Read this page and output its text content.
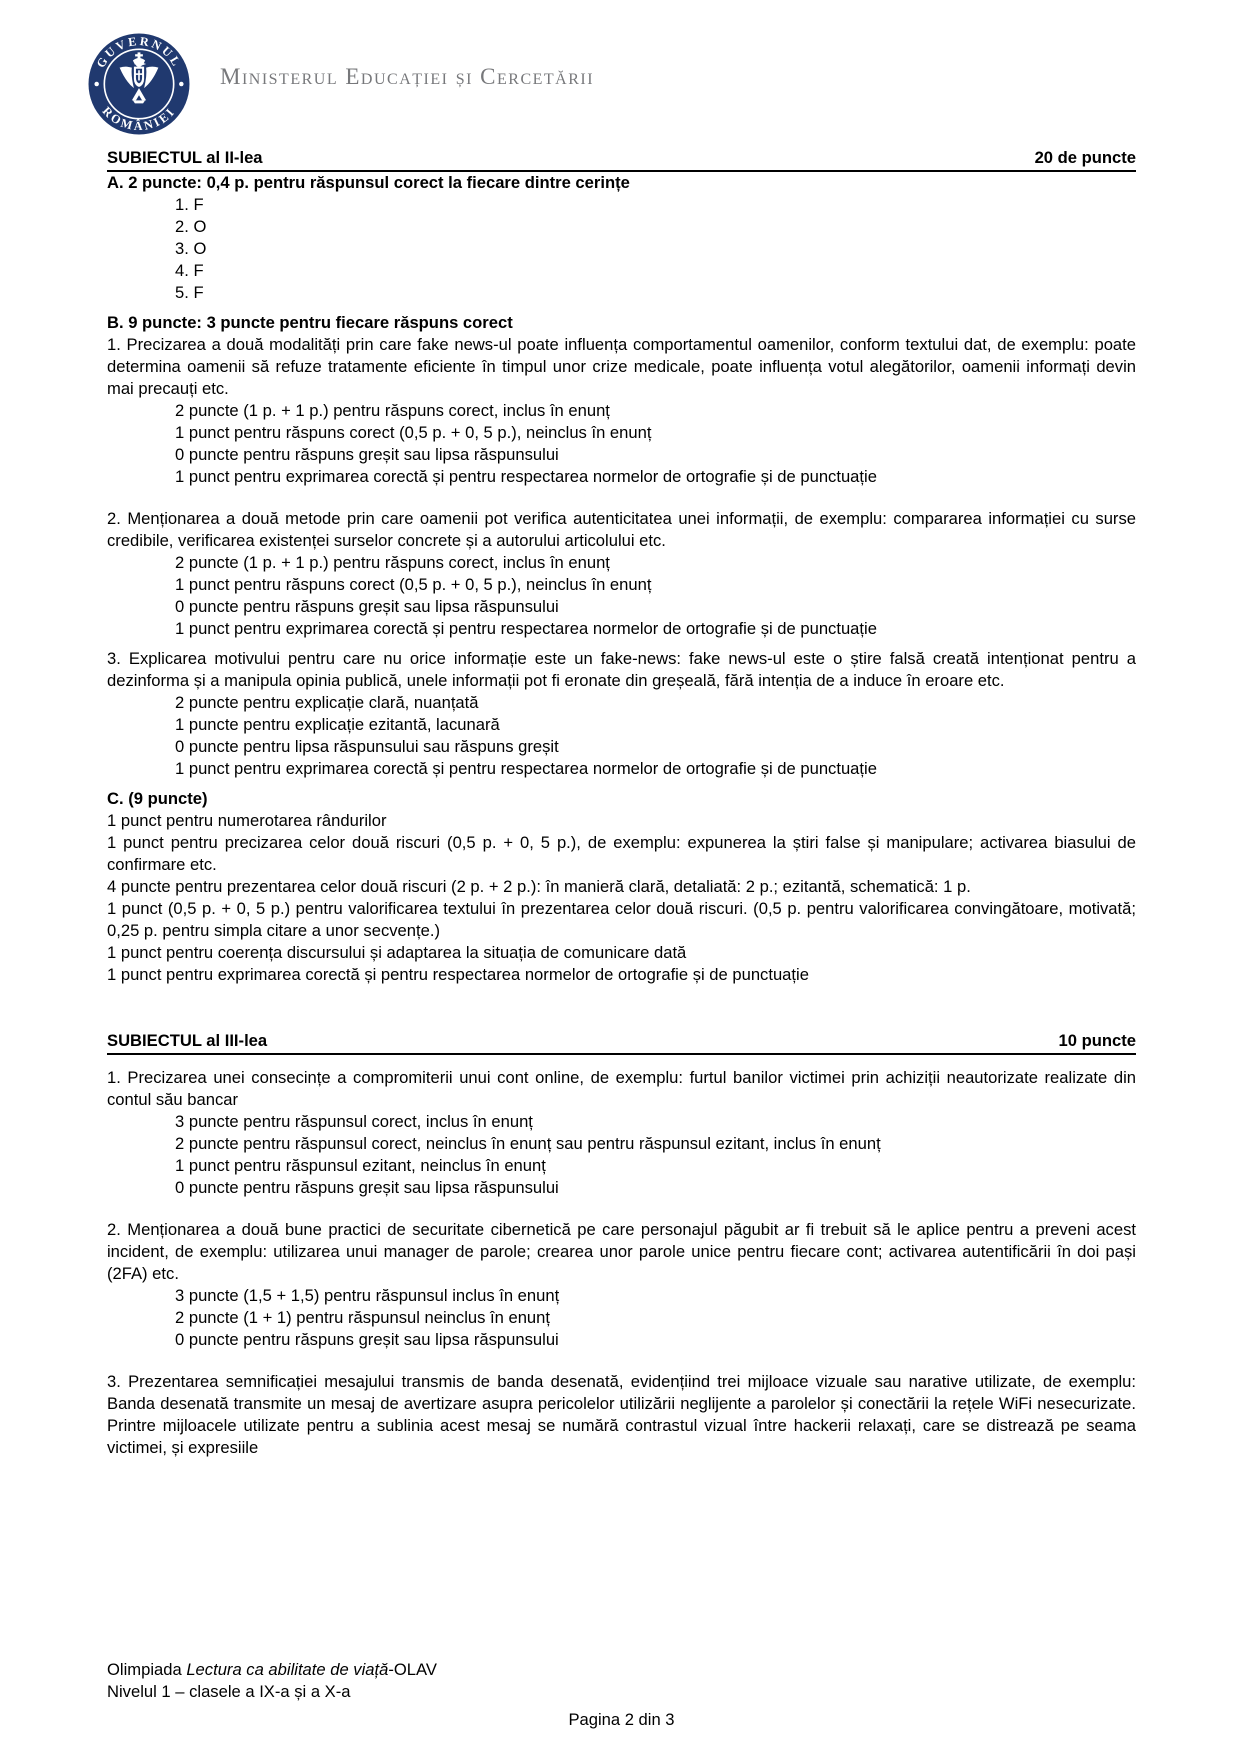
GUVERNUL
ROMÂNIEI
Ministerul Educației și Cercetării
SUBIECTUL al II-lea	20 de puncte
A. 2 puncte: 0,4 p. pentru răspunsul corect la fiecare dintre cerințe
1. F
2. O
3. O
4. F
5. F
B. 9 puncte: 3 puncte pentru fiecare răspuns corect
1. Precizarea a două modalități prin care fake news-ul poate influența comportamentul oamenilor, conform textului dat, de exemplu: poate determina oamenii să refuze tratamente eficiente în timpul unor crize medicale, poate influența votul alegătorilor, oamenii informați devin mai precauți etc.
2 puncte (1 p. + 1 p.) pentru răspuns corect, inclus în enunț
1 punct pentru răspuns corect (0,5 p. + 0, 5 p.), neinclus în enunț
0 puncte pentru răspuns greșit sau lipsa răspunsului
1 punct pentru exprimarea corectă și pentru respectarea normelor de ortografie și de punctuație
2. Menționarea a două metode prin care oamenii pot verifica autenticitatea unei informații, de exemplu: compararea informației cu surse credibile, verificarea existenței surselor concrete și a autorului articolului etc.
2 puncte (1 p. + 1 p.) pentru răspuns corect, inclus în enunț
1 punct pentru răspuns corect (0,5 p. + 0, 5 p.), neinclus în enunț
0 puncte pentru răspuns greșit sau lipsa răspunsului
1 punct pentru exprimarea corectă și pentru respectarea normelor de ortografie și de punctuație
3. Explicarea motivului pentru care nu orice informație este un fake-news: fake news-ul este o știre falsă creată intenționat pentru a dezinforma și a manipula opinia publică, unele informații pot fi eronate din greșeală, fără intenția de a induce în eroare etc.
2 puncte pentru explicație clară, nuanțată
1 puncte pentru explicație ezitantă, lacunară
0 puncte pentru lipsa răspunsului sau răspuns greșit
1 punct pentru exprimarea corectă și pentru respectarea normelor de ortografie și de punctuație
C. (9 puncte)
1 punct pentru numerotarea rândurilor
1 punct pentru precizarea celor două riscuri (0,5 p. + 0, 5 p.), de exemplu: expunerea la știri false și manipulare; activarea biasului de confirmare etc.
4 puncte pentru prezentarea celor două riscuri (2 p. + 2 p.): în manieră clară, detaliată: 2 p.; ezitantă, schematică: 1 p.
1 punct (0,5 p. + 0, 5 p.) pentru valorificarea textului în prezentarea celor două riscuri. (0,5 p. pentru valorificarea convingătoare, motivată; 0,25 p. pentru simpla citare a unor secvențe.)
1 punct pentru coerența discursului și adaptarea la situația de comunicare dată
1 punct pentru exprimarea corectă și pentru respectarea normelor de ortografie și de punctuație
SUBIECTUL al III-lea	10 puncte
1. Precizarea unei consecințe a compromiterii unui cont online, de exemplu: furtul banilor victimei prin achiziții neautorizate realizate din contul său bancar
3 puncte pentru răspunsul corect, inclus în enunț
2 puncte pentru răspunsul corect, neinclus în enunț sau pentru răspunsul ezitant, inclus în enunț
1 punct pentru răspunsul ezitant, neinclus în enunț
0 puncte pentru răspuns greșit sau lipsa răspunsului
2. Menționarea a două bune practici de securitate cibernetică pe care personajul păgubit ar fi trebuit să le aplice pentru a preveni acest incident, de exemplu: utilizarea unui manager de parole; crearea unor parole unice pentru fiecare cont; activarea autentificării în doi pași (2FA) etc.
3 puncte (1,5 + 1,5) pentru răspunsul inclus în enunț
2 puncte (1 + 1) pentru răspunsul neinclus în enunț
0 puncte pentru răspuns greșit sau lipsa răspunsului
3. Prezentarea semnificației mesajului transmis de banda desenată, evidențiind trei mijloace vizuale sau narative utilizate, de exemplu: Banda desenată transmite un mesaj de avertizare asupra pericolelor utilizării neglijente a parolelor și conectării la rețele WiFi nesecurizate. Printre mijloacele utilizate pentru a sublinia acest mesaj se numără contrastul vizual între hackerii relaxați, care se distrează pe seama victimei, și expresiile
Olimpiada Lectura ca abilitate de viață-OLAV
Nivelul 1 – clasele a IX-a și a X-a
Pagina 2 din 3
